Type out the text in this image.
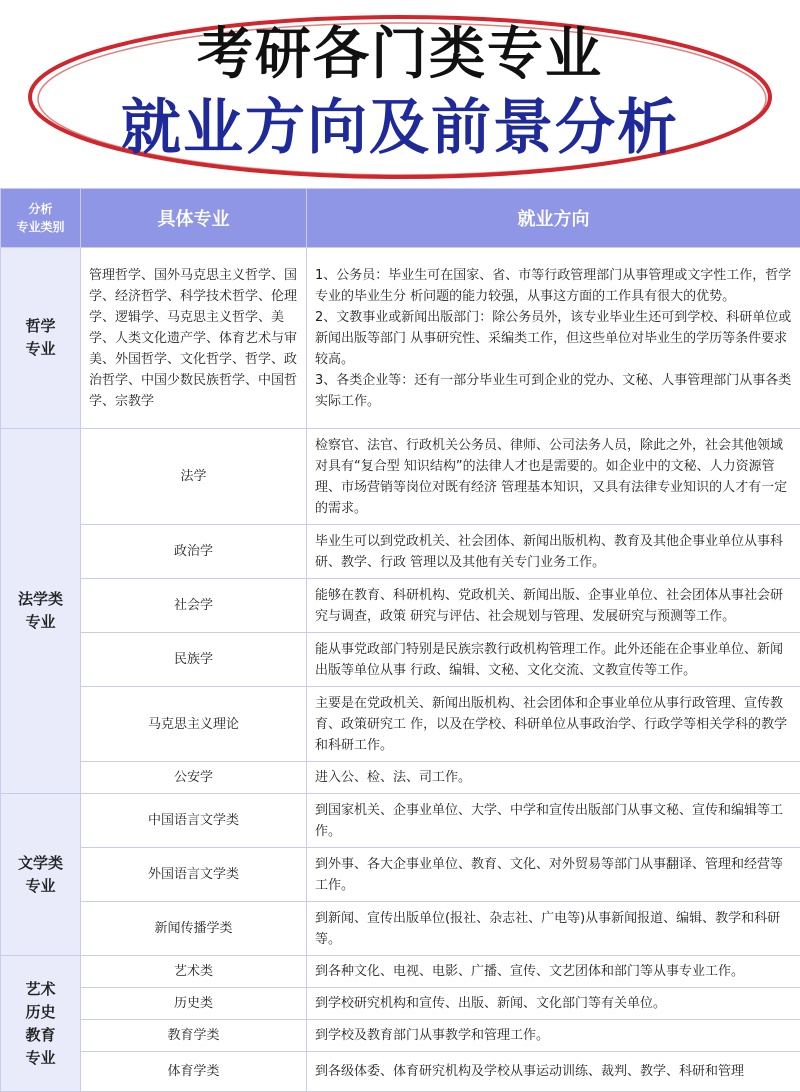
考研各门类专业
就业方向及前景分析
分析
专业类别	具体专业	就业方向
哲学
专业	管理哲学、国外马克思主义哲学、国学、经济哲学、科学技术哲学、伦理学、逻辑学、马克思主义哲学、美学、人类文化遗产学、体育艺术与审美、外国哲学、文化哲学、哲学、政治哲学、中国少数民族哲学、中国哲学、宗教学	1、公务员：毕业生可在国家、省、市等行政管理部门从事管理或文字性工作，哲学专业的毕业生分 析问题的能力较强，从事这方面的工作具有很大的优势。
2、文教事业或新闻出版部门：除公务员外，该专业毕业生还可到学校、科研单位或新闻出版等部门 从事研究性、采编类工作，但这些单位对毕业生的学历等条件要求较高。
3、各类企业等：还有一部分毕业生可到企业的党办、文秘、人事管理部门从事各类实际工作。
法学类
专业	法学	检察官、法官、行政机关公务员、律师、公司法务人员，除此之外，社会其他领域对具有“复合型 知识结构”的法律人才也是需要的。如企业中的文秘、人力资源管理、市场营销等岗位对既有经济 管理基本知识，又具有法律专业知识的人才有一定的需求。
	政治学	毕业生可以到党政机关、社会团体、新闻出版机构、教育及其他企事业单位从事科研、教学、行政 管理以及其他有关专门业务工作。
	社会学	能够在教育、科研机构、党政机关、新闻出版、企事业单位、社会团体从事社会研究与调查，政策 研究与评估、社会规划与管理、发展研究与预测等工作。
	民族学	能从事党政部门特别是民族宗教行政机构管理工作。此外还能在企事业单位、新闻出版等单位从事 行政、编辑、文秘、文化交流、文教宣传等工作。
	马克思主义理论	主要是在党政机关、新闻出版机构、社会团体和企事业单位从事行政管理、宣传教育、政策研究工 作，以及在学校、科研单位从事政治学、行政学等相关学科的教学和科研工作。
	公安学	进入公、检、法、司工作。
文学类
专业	中国语言文学类	到国家机关、企事业单位、大学、中学和宣传出版部门从事文秘、宣传和编辑等工作。
	外国语言文学类	到外事、各大企事业单位、教育、文化、对外贸易等部门从事翻译、管理和经营等工作。
	新闻传播学类	到新闻、宣传出版单位(报社、杂志社、广电等)从事新闻报道、编辑、教学和科研等。
艺术
历史
教育
专业	艺术类	到各种文化、电视、电影、广播、宣传、文艺团体和部门等从事专业工作。
	历史类	到学校研究机构和宣传、出版、新闻、文化部门等有关单位。
	教育学类	到学校及教育部门从事教学和管理工作。
	体育学类	到各级体委、体育研究机构及学校从事运动训练、裁判、教学、科研和管理
